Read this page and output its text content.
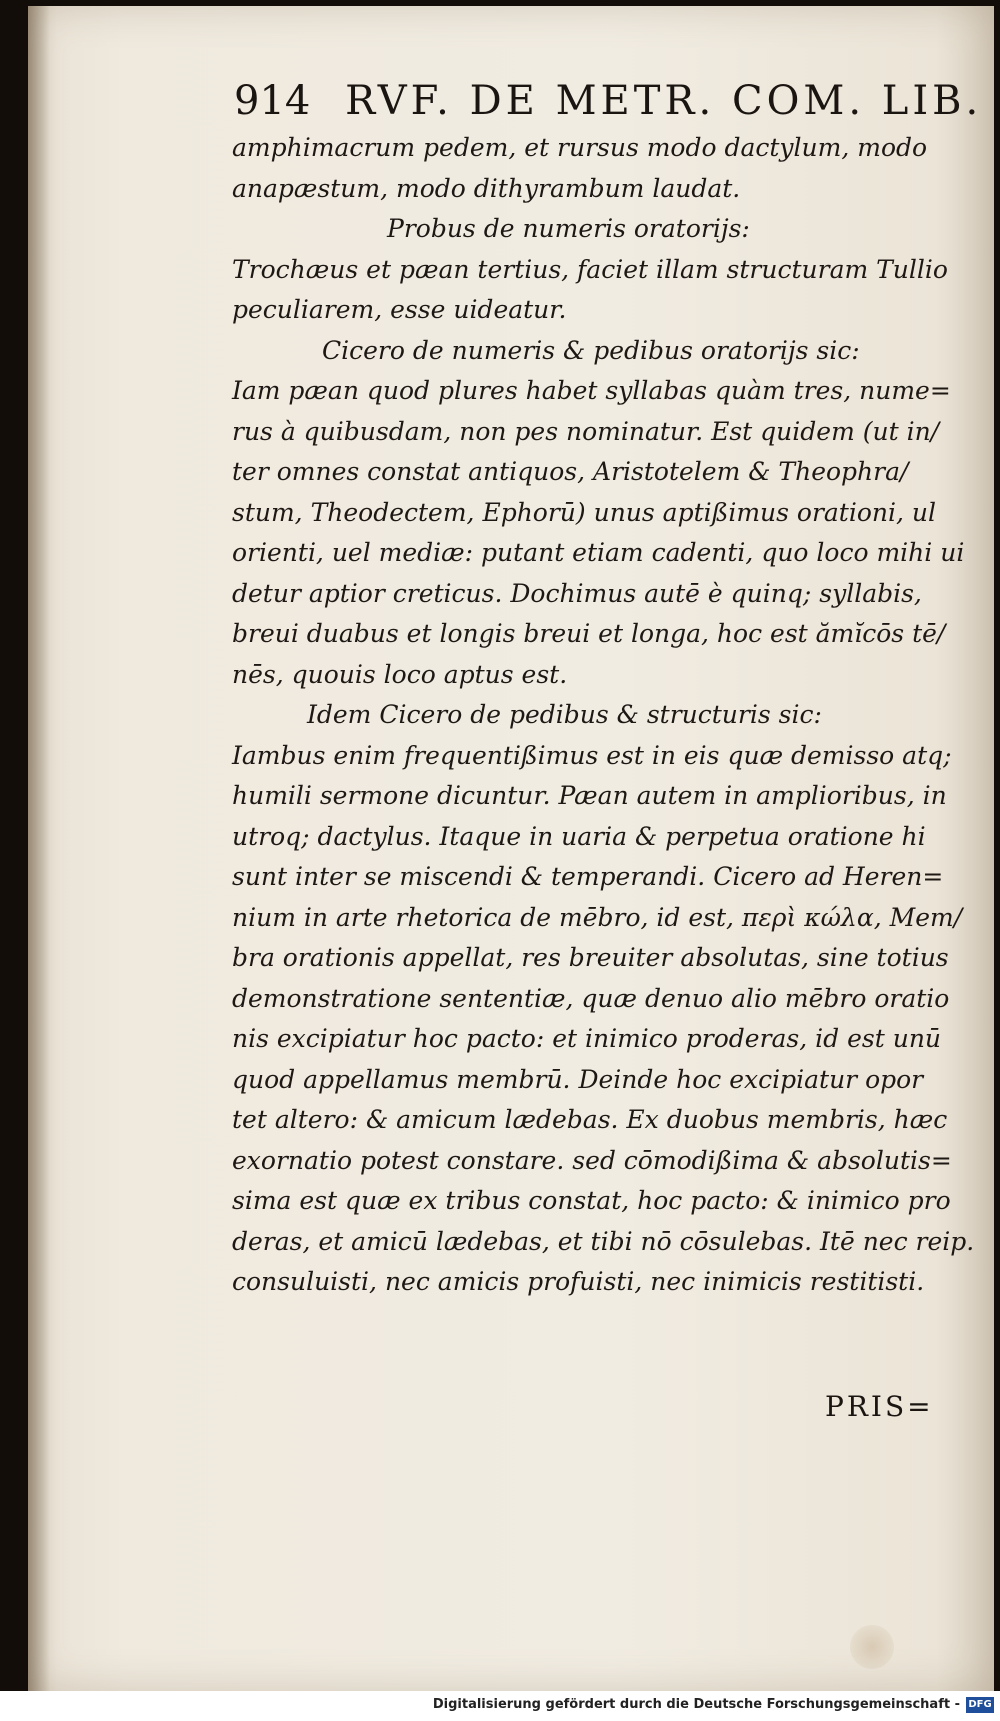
914 RVF. DE METR. COM. LIB.
amphimacrum pedem, et rursus modo dactylum, modo
anapæstum, modo dithyrambum laudat.
Probus de numeris oratorijs:
Trochæus et pæan tertius, faciet illam structuram Tullio
peculiarem, esse uideatur.
Cicero de numeris & pedibus oratorijs sic:
Iam pæan quod plures habet syllabas quàm tres, nume=
rus à quibusdam, non pes nominatur. Est quidem (ut in/
ter omnes constat antiquos, Aristotelem & Theophra/
stum, Theodectem, Ephorū) unus aptißimus orationi, ul
orienti, uel mediæ: putant etiam cadenti, quo loco mihi ui
detur aptior creticus. Dochimus autē è quinq; syllabis,
breui duabus et longis breui et longa, hoc est ămĭcōs tē/
nēs, quouis loco aptus est.
Idem Cicero de pedibus & structuris sic:
Iambus enim frequentißimus est in eis quæ demisso atq;
humili sermone dicuntur. Pæan autem in amplioribus, in
utroq; dactylus. Itaque in uaria & perpetua oratione hi
sunt inter se miscendi & temperandi. Cicero ad Heren=
nium in arte rhetorica de mēbro, id est, περὶ κώλα, Mem/
bra orationis appellat, res breuiter absolutas, sine totius
demonstratione sententiæ, quæ denuo alio mēbro oratio
nis excipiatur hoc pacto: et inimico proderas, id est unū
quod appellamus membrū. Deinde hoc excipiatur opor
tet altero: & amicum lædebas. Ex duobus membris, hæc
exornatio potest constare. sed cōmodißima & absolutis=
sima est quæ ex tribus constat, hoc pacto: & inimico pro
deras, et amicū lædebas, et tibi nō cōsulebas. Itē nec reip.
consuluisti, nec amicis profuisti, nec inimicis restitisti.
PRIS=
Digitalisierung gefördert durch die Deutsche Forschungsgemeinschaft - DFG
